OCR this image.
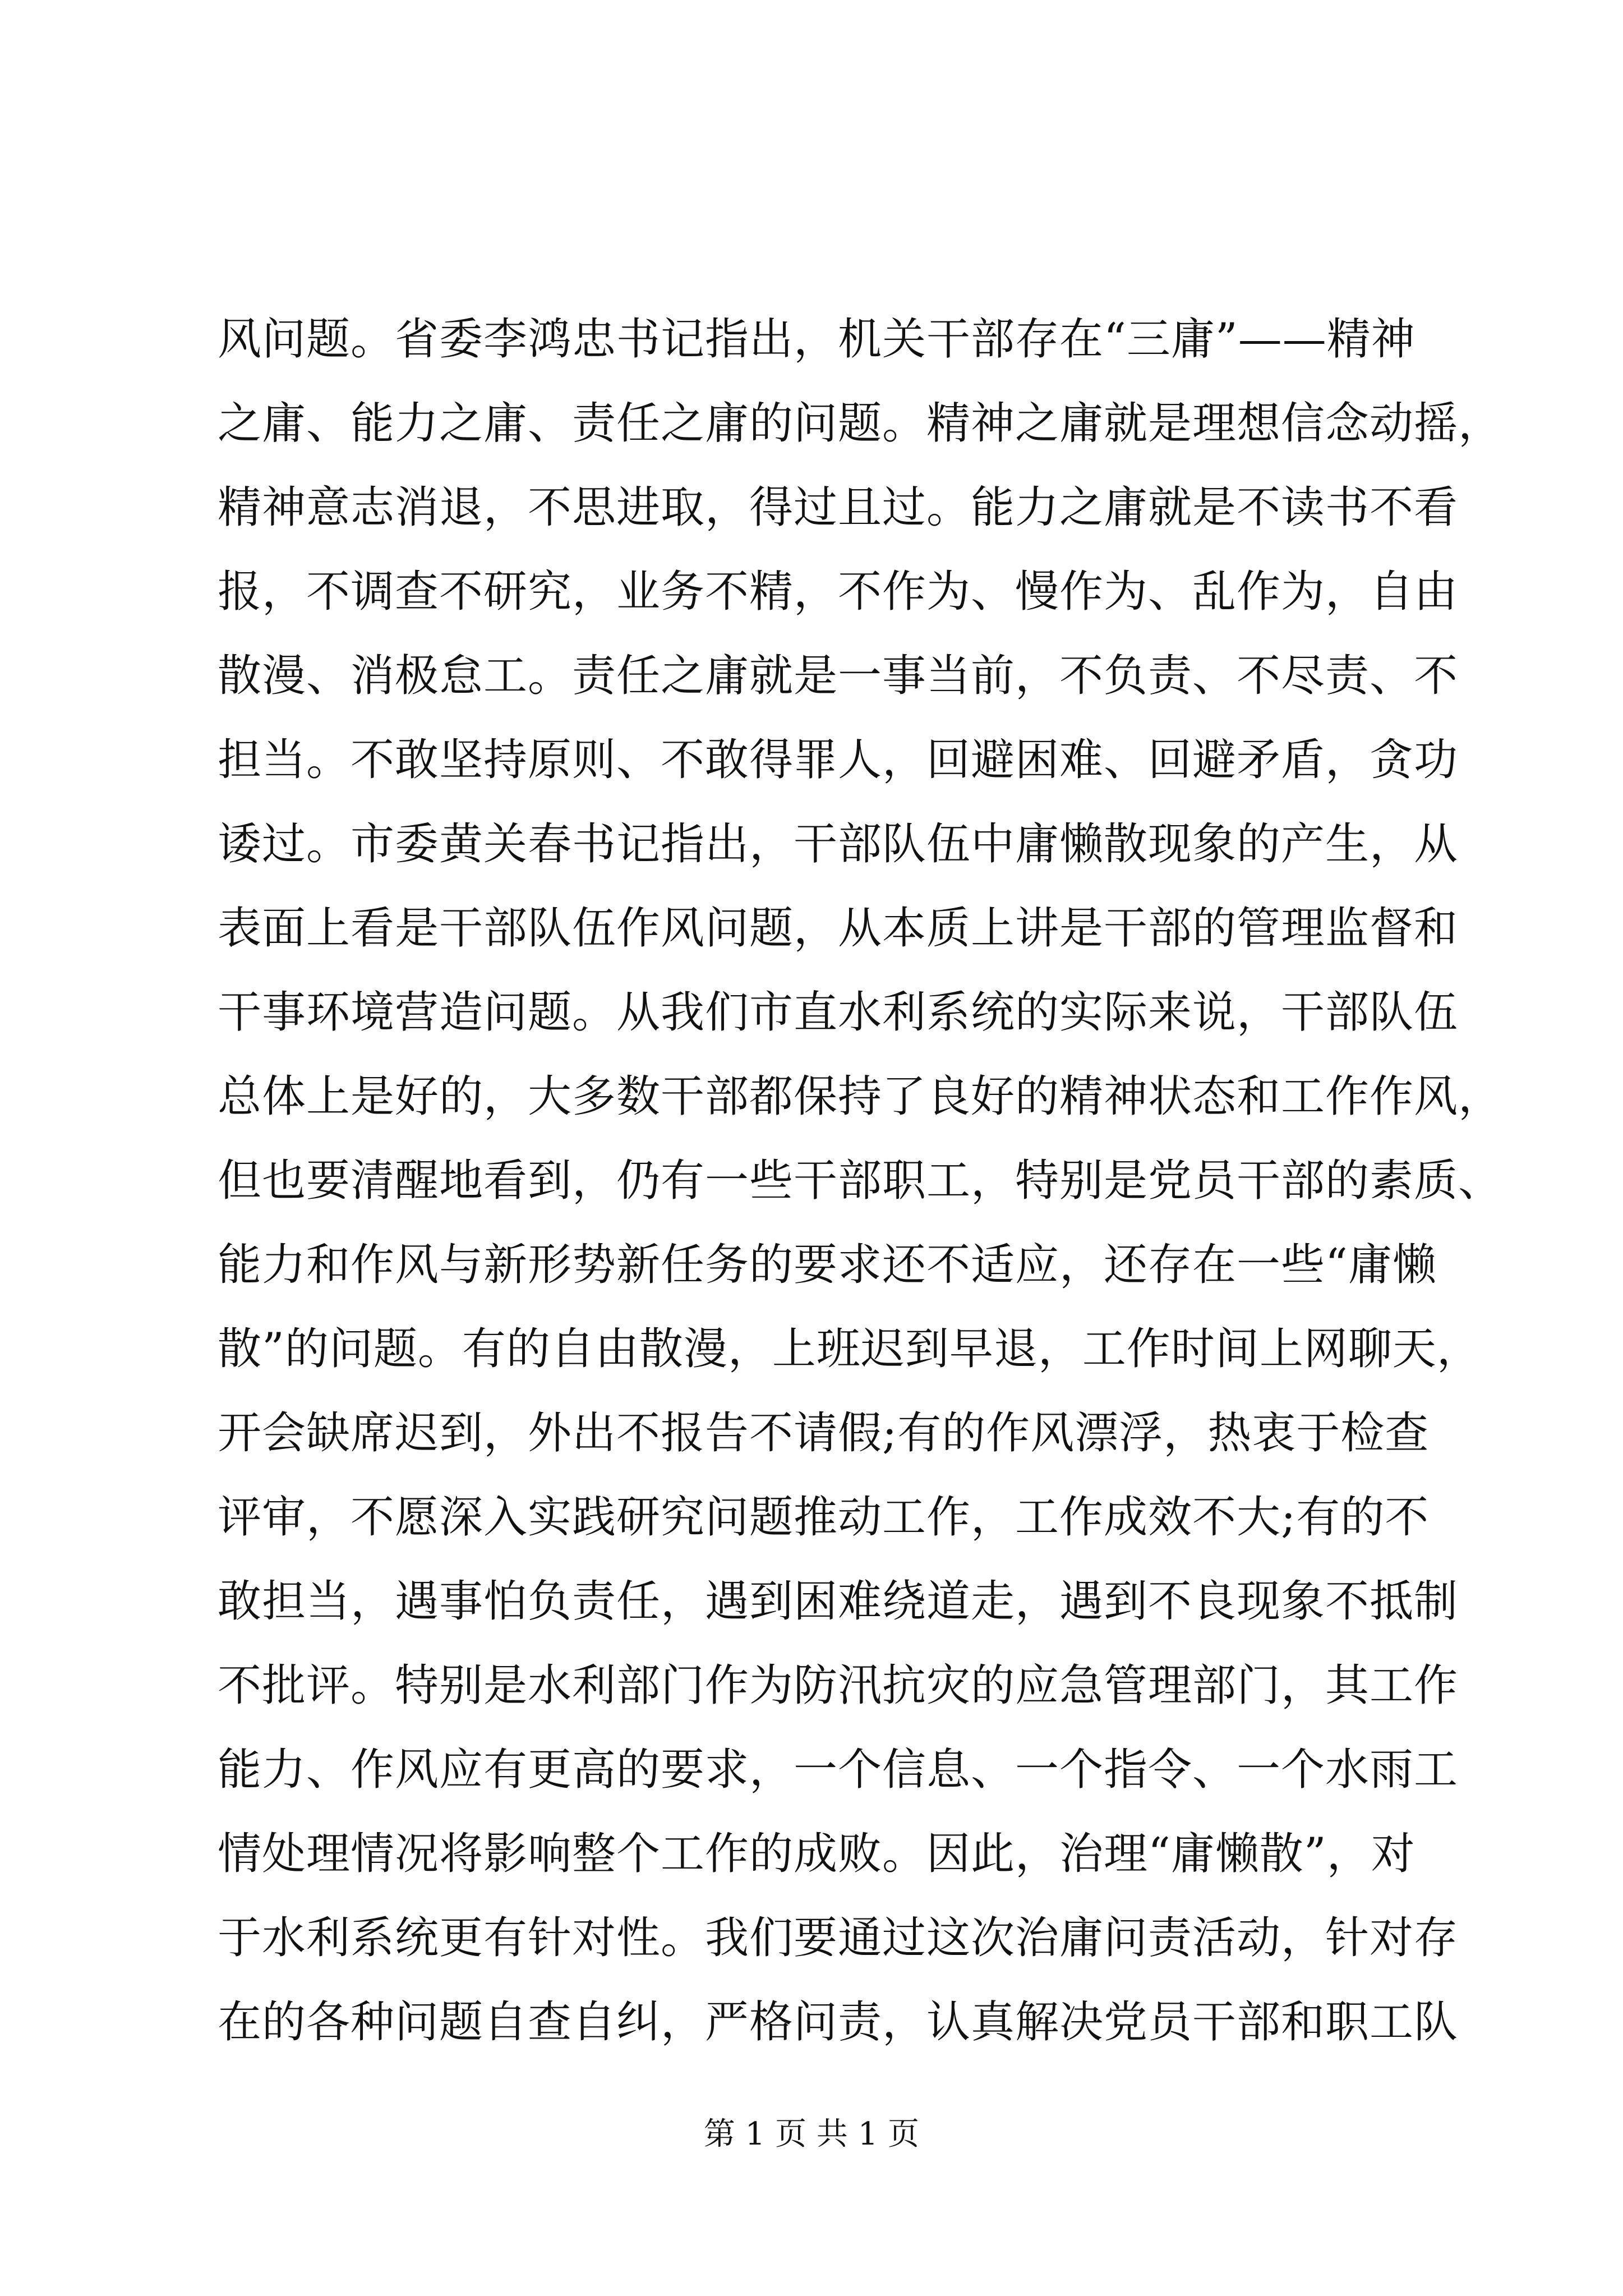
风问题。省委李鸿忠书记指出，机关干部存在“三庸”——精神
之庸、能力之庸、责任之庸的问题。精神之庸就是理想信念动摇，
精神意志消退，不思进取，得过且过。能力之庸就是不读书不看
报，不调查不研究，业务不精，不作为、慢作为、乱作为，自由
散漫、消极怠工。责任之庸就是一事当前，不负责、不尽责、不
担当。不敢坚持原则、不敢得罪人，回避困难、回避矛盾，贪功
诿过。市委黄关春书记指出，干部队伍中庸懒散现象的产生，从
表面上看是干部队伍作风问题，从本质上讲是干部的管理监督和
干事环境营造问题。从我们市直水利系统的实际来说，干部队伍
总体上是好的，大多数干部都保持了良好的精神状态和工作作风，
但也要清醒地看到，仍有一些干部职工，特别是党员干部的素质、
能力和作风与新形势新任务的要求还不适应，还存在一些“庸懒
散”的问题。有的自由散漫，上班迟到早退，工作时间上网聊天，
开会缺席迟到，外出不报告不请假;有的作风漂浮，热衷于检查
评审，不愿深入实践研究问题推动工作，工作成效不大;有的不
敢担当，遇事怕负责任，遇到困难绕道走，遇到不良现象不抵制
不批评。特别是水利部门作为防汛抗灾的应急管理部门，其工作
能力、作风应有更高的要求，一个信息、一个指令、一个水雨工
情处理情况将影响整个工作的成败。因此，治理“庸懒散”，对
于水利系统更有针对性。我们要通过这次治庸问责活动，针对存
在的各种问题自查自纠，严格问责，认真解决党员干部和职工队
第 1 页 共 1 页
